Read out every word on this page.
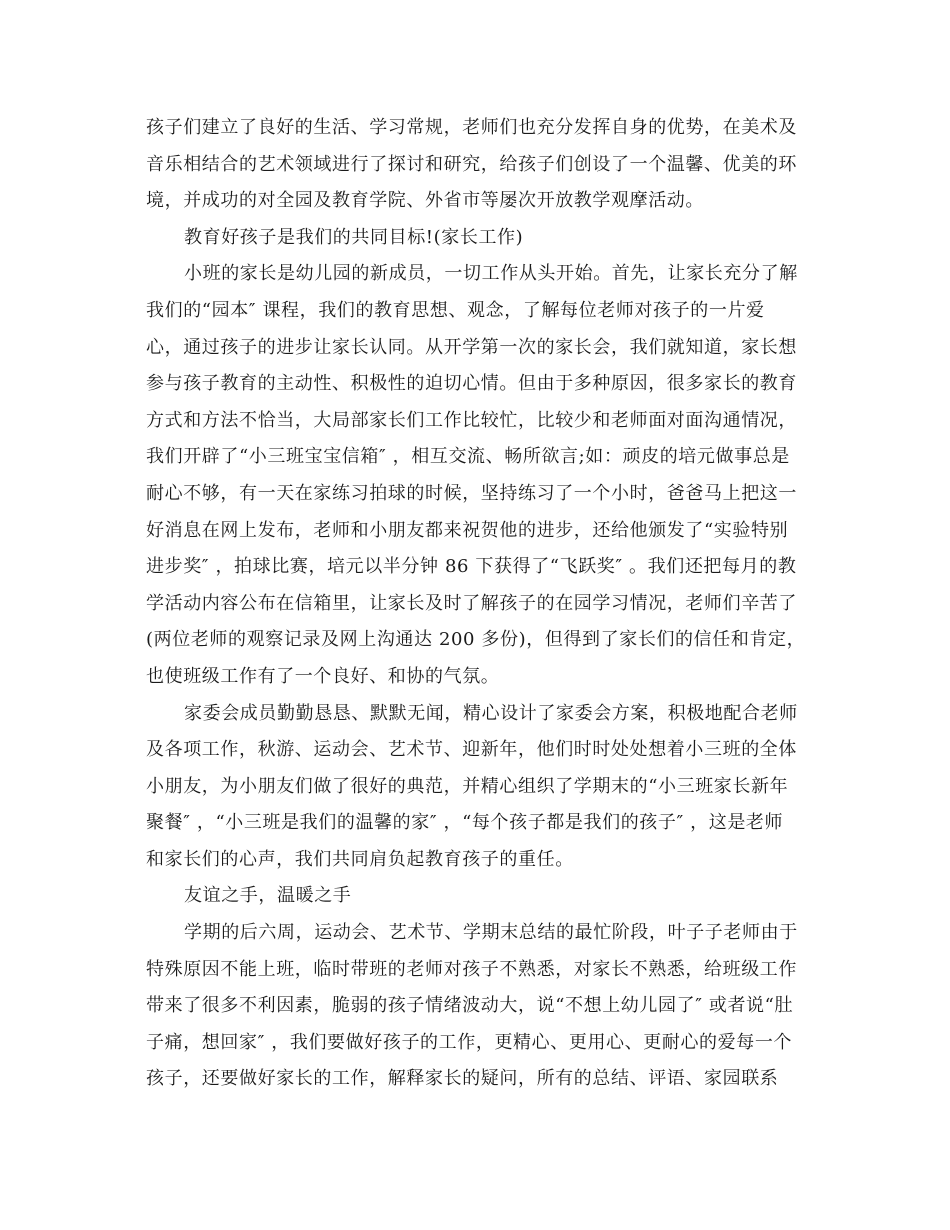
孩子们建立了良好的生活、学习常规，老师们也充分发挥自身的优势，在美术及
音乐相结合的艺术领域进行了探讨和研究，给孩子们创设了一个温馨、优美的环
境，并成功的对全园及教育学院、外省市等屡次开放教学观摩活动。
教育好孩子是我们的共同目标!(家长工作)
小班的家长是幼儿园的新成员，一切工作从头开始。首先，让家长充分了解
我们的“园本″ 课程，我们的教育思想、观念，了解每位老师对孩子的一片爱
心，通过孩子的进步让家长认同。从开学第一次的家长会，我们就知道，家长想
参与孩子教育的主动性、积极性的迫切心情。但由于多种原因，很多家长的教育
方式和方法不恰当，大局部家长们工作比较忙，比较少和老师面对面沟通情况，
我们开辟了“小三班宝宝信箱″ ，相互交流、畅所欲言;如：顽皮的培元做事总是
耐心不够，有一天在家练习拍球的时候，坚持练习了一个小时，爸爸马上把这一
好消息在网上发布，老师和小朋友都来祝贺他的进步，还给他颁发了“实验特别
进步奖″ ，拍球比赛，培元以半分钟 86 下获得了“飞跃奖″ 。我们还把每月的教
学活动内容公布在信箱里，让家长及时了解孩子的在园学习情况，老师们辛苦了
(两位老师的观察记录及网上沟通达 200 多份)，但得到了家长们的信任和肯定，
也使班级工作有了一个良好、和协的气氛。
家委会成员勤勤恳恳、默默无闻，精心设计了家委会方案，积极地配合老师
及各项工作，秋游、运动会、艺术节、迎新年，他们时时处处想着小三班的全体
小朋友，为小朋友们做了很好的典范，并精心组织了学期末的“小三班家长新年
聚餐″ ，“小三班是我们的温馨的家″ ，“每个孩子都是我们的孩子″ ，这是老师
和家长们的心声，我们共同肩负起教育孩子的重任。
友谊之手，温暖之手
学期的后六周，运动会、艺术节、学期末总结的最忙阶段，叶子子老师由于
特殊原因不能上班，临时带班的老师对孩子不熟悉，对家长不熟悉，给班级工作
带来了很多不利因素，脆弱的孩子情绪波动大，说“不想上幼儿园了″ 或者说“肚
子痛，想回家″ ，我们要做好孩子的工作，更精心、更用心、更耐心的爱每一个
孩子，还要做好家长的工作，解释家长的疑问，所有的总结、评语、家园联系
